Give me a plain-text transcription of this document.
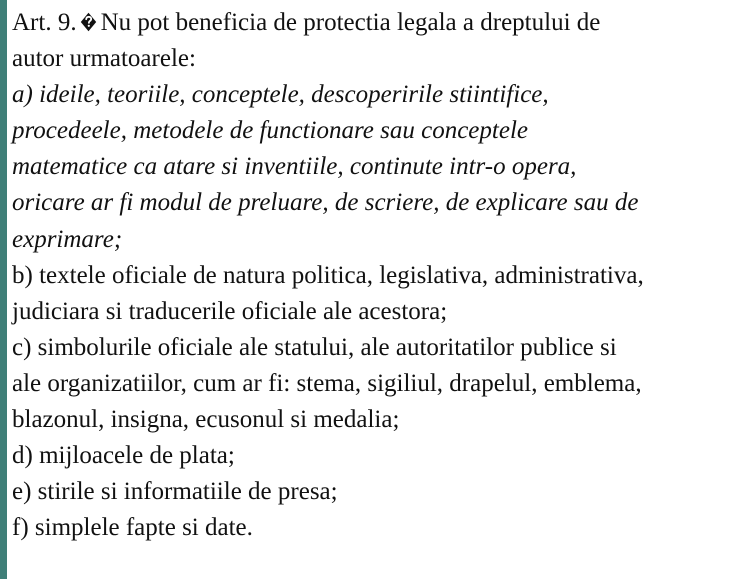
Art. 9. Nu pot beneficia de protectia legala a dreptului de
autor urmatoarele:
a) ideile, teoriile, conceptele, descoperirile stiintifice,
procedeele, metodele de functionare sau conceptele
matematice ca atare si inventiile, continute intr-o opera,
oricare ar fi modul de preluare, de scriere, de explicare sau de
exprimare;
b) textele oficiale de natura politica, legislativa, administrativa,
judiciara si traducerile oficiale ale acestora;
c) simbolurile oficiale ale statului, ale autoritatilor publice si
ale organizatiilor, cum ar fi: stema, sigiliul, drapelul, emblema,
blazonul, insigna, ecusonul si medalia;
d) mijloacele de plata;
e) stirile si informatiile de presa;
f) simplele fapte si date.
